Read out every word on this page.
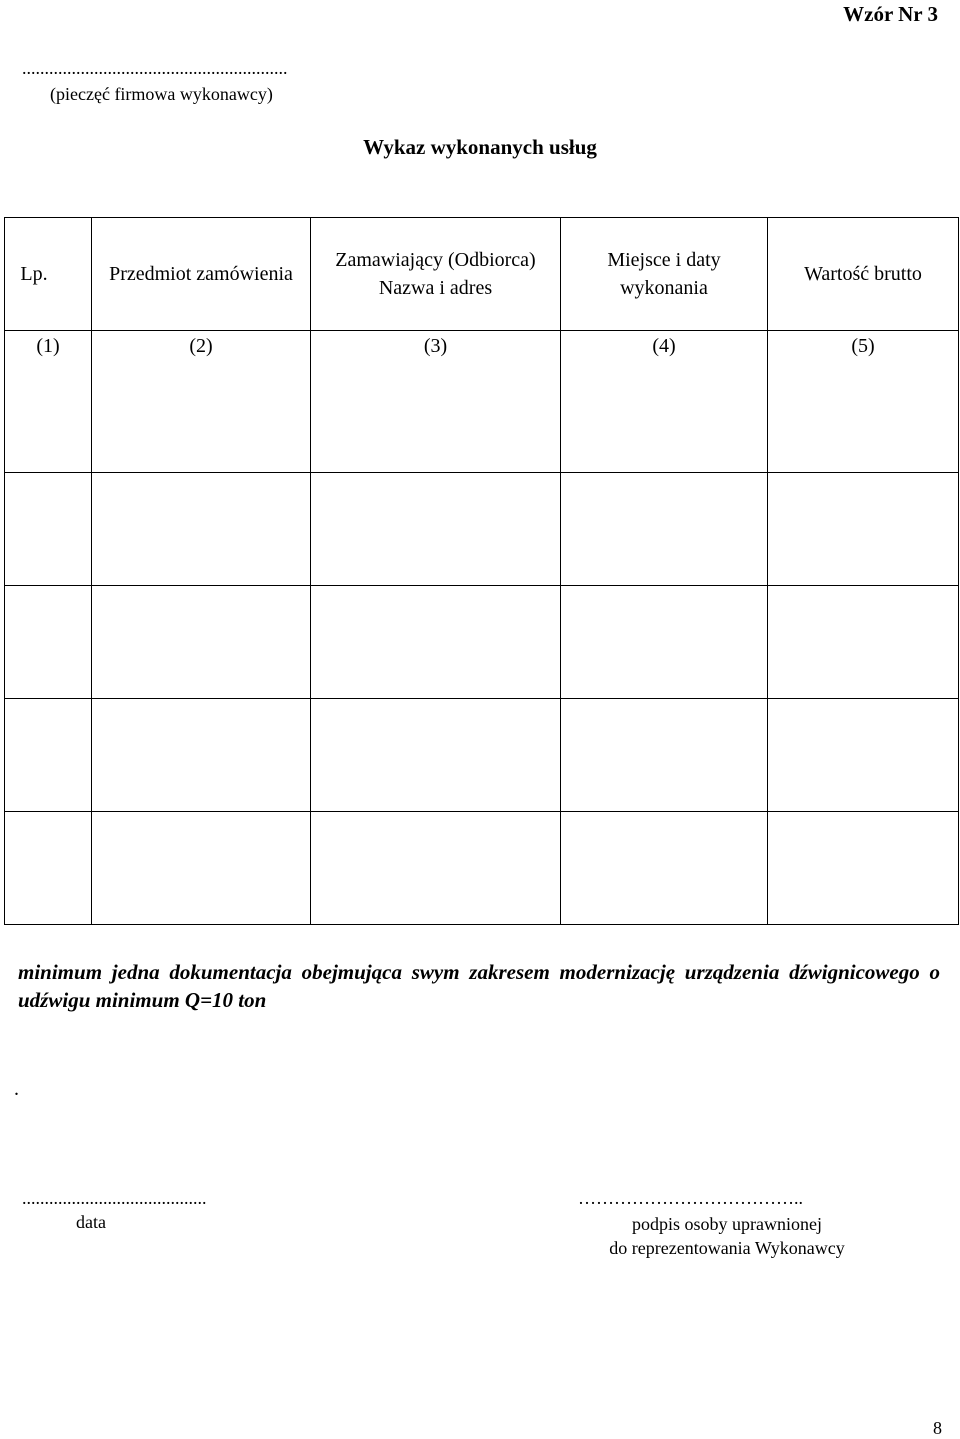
Wzór Nr 3
...........................................................
(pieczęć firmowa wykonawcy)
Wykaz wykonanych usług
Lp.	Przedmiot zamówienia	Zamawiający (Odbiorca) Nazwa i adres	Miejsce i daty wykonania	Wartość brutto
(1)	(2)	(3)	(4)	(5)

minimum jedna dokumentacja obejmująca swym zakresem modernizację urządzenia dźwignicowego o udźwigu minimum Q=10 ton
.
.........................................
data
………………………………..
podpis osoby uprawnionej
do reprezentowania Wykonawcy
8
